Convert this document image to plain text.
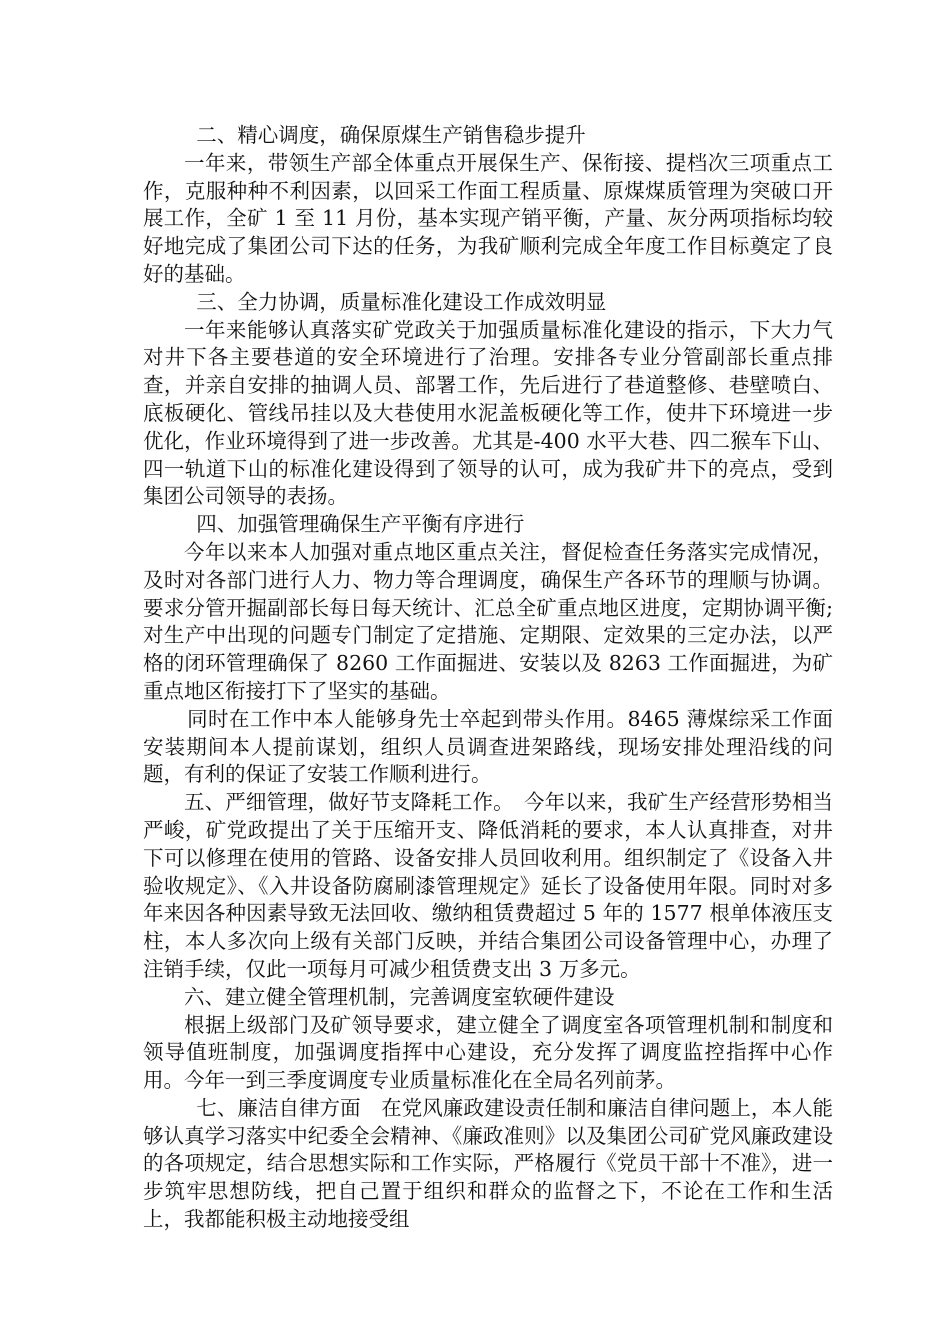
二、精心调度，确保原煤生产销售稳步提升

一年来，带领生产部全体重点开展保生产、保衔接、提档次三项重点工作，克服种种不利因素，以回采工作面工程质量、原煤煤质管理为突破口开展工作，全矿 1 至 11 月份，基本实现产销平衡，产量、灰分两项指标均较好地完成了集团公司下达的任务，为我矿顺利完成全年度工作目标奠定了良好的基础。

三、全力协调，质量标准化建设工作成效明显

一年来能够认真落实矿党政关于加强质量标准化建设的指示，下大力气对井下各主要巷道的安全环境进行了治理。安排各专业分管副部长重点排查，并亲自安排的抽调人员、部署工作，先后进行了巷道整修、巷壁喷白、底板硬化、管线吊挂以及大巷使用水泥盖板硬化等工作，使井下环境进一步优化，作业环境得到了进一步改善。尤其是-400 水平大巷、四二猴车下山、四一轨道下山的标准化建设得到了领导的认可，成为我矿井下的亮点，受到集团公司领导的表扬。

四、加强管理确保生产平衡有序进行

今年以来本人加强对重点地区重点关注，督促检查任务落实完成情况，及时对各部门进行人力、物力等合理调度，确保生产各环节的理顺与协调。要求分管开掘副部长每日每天统计、汇总全矿重点地区进度，定期协调平衡;对生产中出现的问题专门制定了定措施、定期限、定效果的三定办法，以严格的闭环管理确保了 8260 工作面掘进、安装以及 8263 工作面掘进，为矿重点地区衔接打下了坚实的基础。

同时在工作中本人能够身先士卒起到带头作用。8465 薄煤综采工作面安装期间本人提前谋划，组织人员调查进架路线，现场安排处理沿线的问题，有利的保证了安装工作顺利进行。

五、严细管理，做好节支降耗工作。　今年以来，我矿生产经营形势相当严峻，矿党政提出了关于压缩开支、降低消耗的要求，本人认真排查，对井下可以修理在使用的管路、设备安排人员回收利用。组织制定了《设备入井验收规定》、《入井设备防腐刷漆管理规定》延长了设备使用年限。同时对多年来因各种因素导致无法回收、缴纳租赁费超过 5 年的 1577 根单体液压支柱，本人多次向上级有关部门反映，并结合集团公司设备管理中心，办理了注销手续，仅此一项每月可减少租赁费支出 3 万多元。

六、建立健全管理机制，完善调度室软硬件建设

根据上级部门及矿领导要求，建立健全了调度室各项管理机制和制度和领导值班制度，加强调度指挥中心建设，充分发挥了调度监控指挥中心作用。今年一到三季度调度专业质量标准化在全局名列前茅。

七、廉洁自律方面　在党风廉政建设责任制和廉洁自律问题上，本人能够认真学习落实中纪委全会精神、《廉政准则》以及集团公司矿党风廉政建设的各项规定，结合思想实际和工作实际，严格履行《党员干部十不准》，进一步筑牢思想防线，把自己置于组织和群众的监督之下，不论在工作和生活上，我都能积极主动地接受组
